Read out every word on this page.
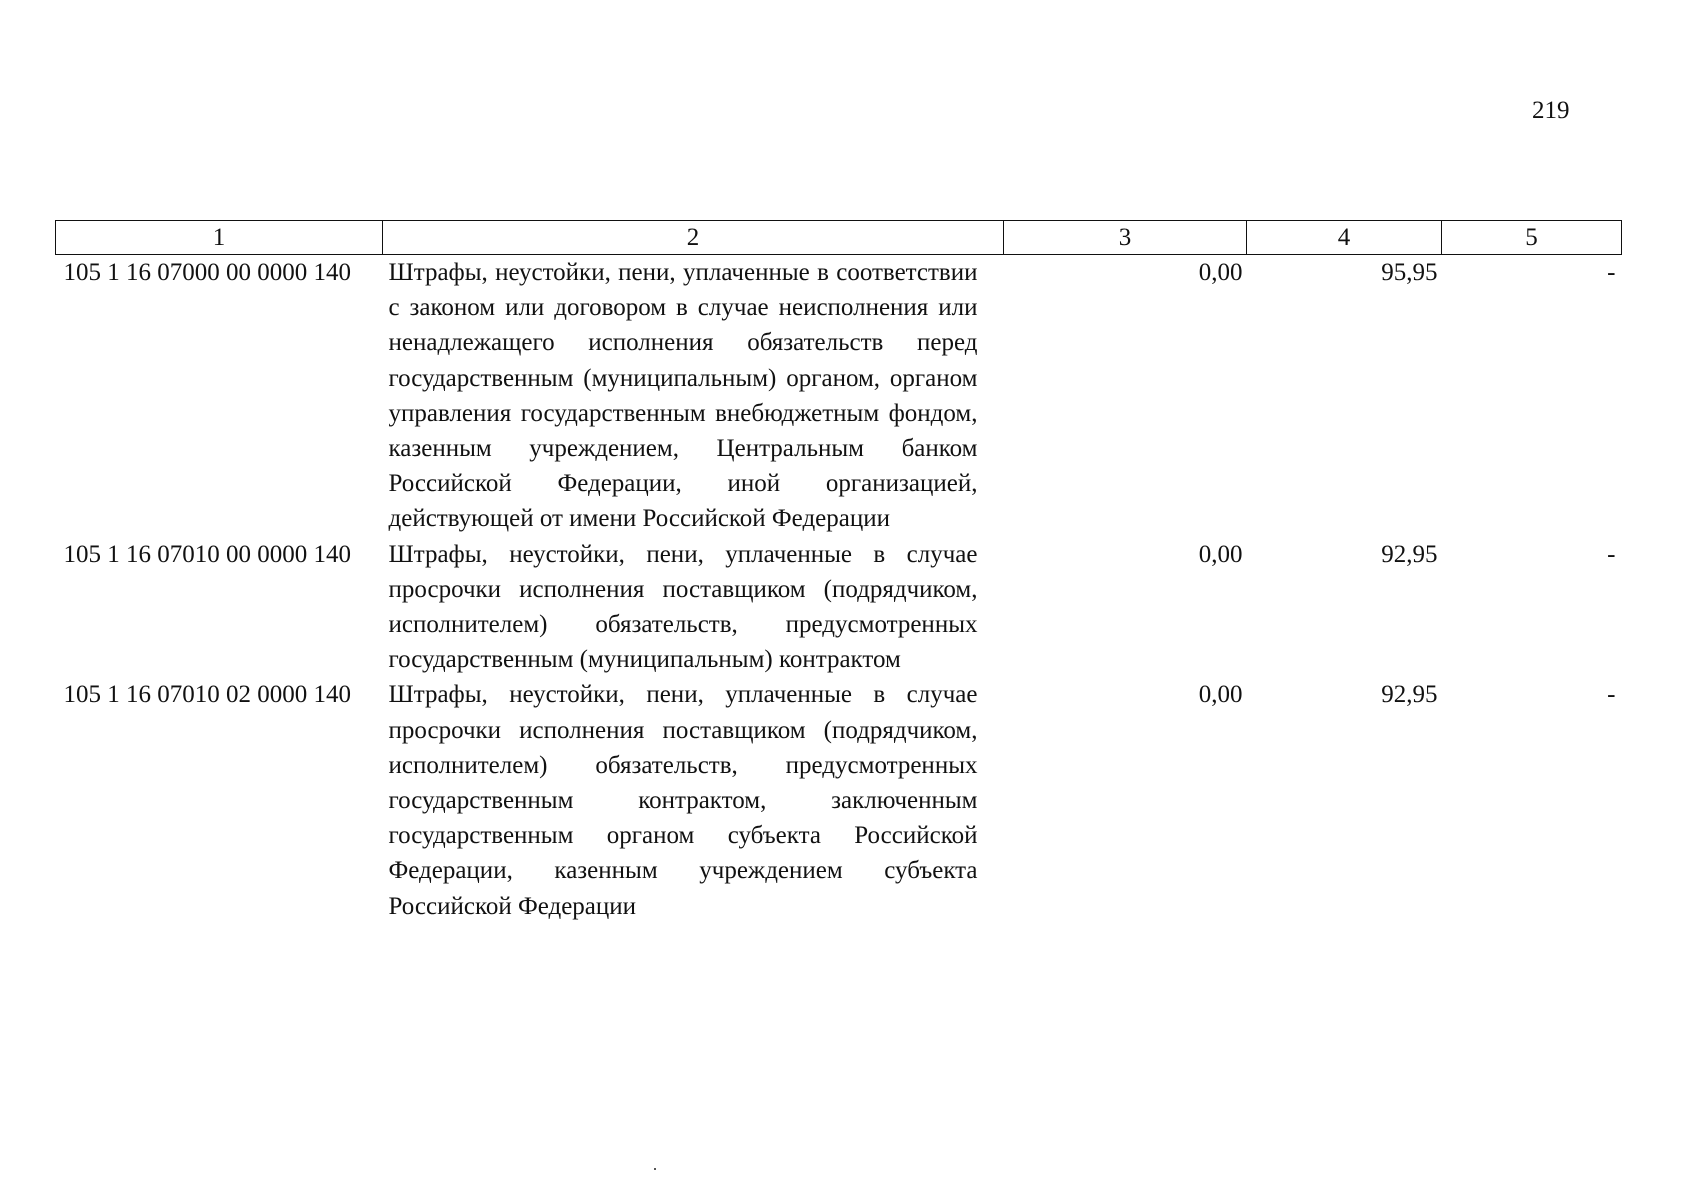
219
1	2	3	4	5
105 1 16 07000 00 0000 140	Штрафы, неустойки, пени, уплаченные в соответствии с законом или договором в случае неисполнения или ненадлежащего исполнения обязательств перед государственным (муниципальным) органом, органом управления государственным внебюджетным фондом, казенным учреждением, Центральным банком Российской Федерации, иной организацией, действующей от имени Российской Федерации	0,00	95,95	-
105 1 16 07010 00 0000 140	Штрафы, неустойки, пени, уплаченные в случае просрочки исполнения поставщиком (подрядчиком, исполнителем) обязательств, предусмотренных государственным (муниципальным) контрактом	0,00	92,95	-
105 1 16 07010 02 0000 140	Штрафы, неустойки, пени, уплаченные в случае просрочки исполнения поставщиком (подрядчиком, исполнителем) обязательств, предусмотренных государственным контрактом, заключенным государственным органом субъекта Российской Федерации, казенным учреждением субъекта Российской Федерации	0,00	92,95	-
